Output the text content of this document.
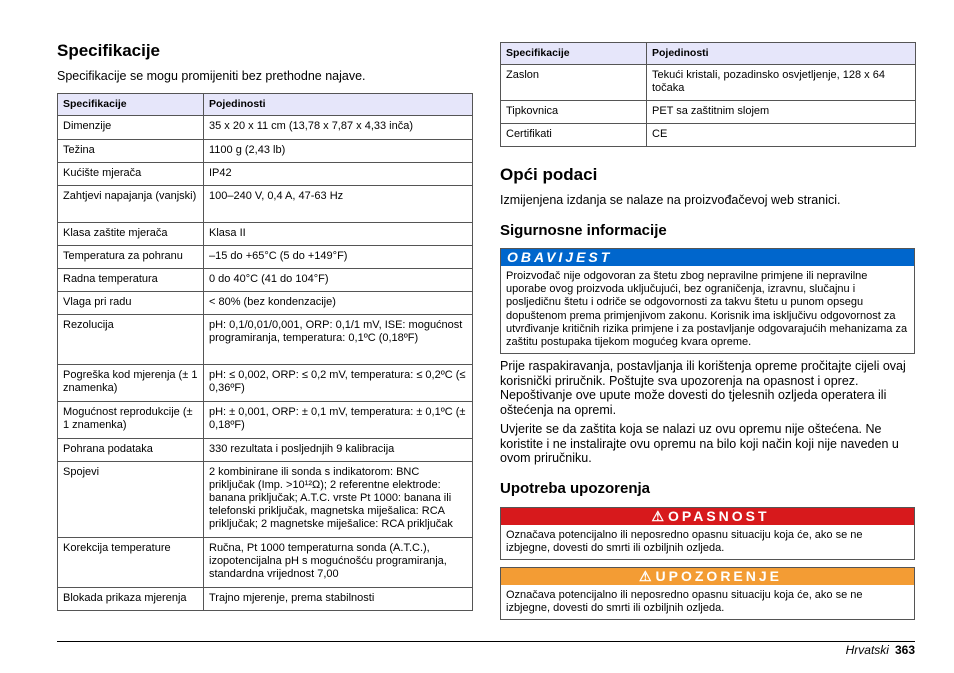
Specifikacije

Specifikacije se mogu promijeniti bez prethodne najave.

Specifikacije	Pojedinosti
Dimenzije	35 x 20 x 11 cm (13,78 x 7,87 x 4,33 inča)
Težina	1100 g (2,43 lb)
Kućište mjerača	IP42
Zahtjevi napajanja (vanjski)	100–240 V, 0,4 A, 47-63 Hz
Klasa zaštite mjerača	Klasa II
Temperatura za pohranu	–15 do +65°C (5 do +149°F)
Radna temperatura	0 do 40°C (41 do 104°F)
Vlaga pri radu	< 80% (bez kondenzacije)
Rezolucija	pH: 0,1/0,01/0,001, ORP: 0,1/1 mV, ISE: mogućnost programiranja, temperatura: 0,1ºC (0,18ºF)
Pogreška kod mjerenja (± 1 znamenka)	pH: ≤ 0,002, ORP: ≤ 0,2 mV, temperatura: ≤ 0,2ºC (≤ 0,36ºF)
Mogućnost reprodukcije (± 1 znamenka)	pH: ± 0,001, ORP: ± 0,1 mV, temperatura: ± 0,1ºC (± 0,18ºF)
Pohrana podataka	330 rezultata i posljednjih 9 kalibracija
Spojevi	2 kombinirane ili sonda s indikatorom: BNC priključak (Imp. >10¹²Ω); 2 referentne elektrode: banana priključak; A.T.C. vrste Pt 1000: banana ili telefonski priključak, magnetska miješalica: RCA priključak; 2 magnetske miješalice: RCA priključak
Korekcija temperature	Ručna, Pt 1000 temperaturna sonda (A.T.C.), izopotencijalna pH s mogućnošću programiranja, standardna vrijednost 7,00
Blokada prikaza mjerenja	Trajno mjerenje, prema stabilnosti
Specifikacije	Pojedinosti
Zaslon	Tekući kristali, pozadinsko osvjetljenje, 128 x 64 točaka
Tipkovnica	PET sa zaštitnim slojem
Certifikati	CE
Opći podaci

Izmijenjena izdanja se nalaze na proizvođačevoj web stranici.

Sigurnosne informacije
OBAVIJEST
Proizvođač nije odgovoran za štetu zbog nepravilne primjene ili nepravilne uporabe ovog proizvoda uključujući, bez ograničenja, izravnu, slučajnu i posljedičnu štetu i odriče se odgovornosti za takvu štetu u punom opsegu dopuštenom prema primjenjivom zakonu. Korisnik ima isključivu odgovornost za utvrđivanje kritičnih rizika primjene i za postavljanje odgovarajućih mehanizama za zaštitu postupaka tijekom mogućeg kvara opreme.

Prije raspakiravanja, postavljanja ili korištenja opreme pročitajte cijeli ovaj korisnički priručnik. Poštujte sva upozorenja na opasnost i oprez. Nepoštivanje ove upute može dovesti do tjelesnih ozljeda operatera ili oštećenja na opremi.

Uvjerite se da zaštita koja se nalazi uz ovu opremu nije oštećena. Ne koristite i ne instalirajte ovu opremu na bilo koji način koji nije naveden u ovom priručniku.

Upotreba upozorenja
⚠ OPASNOST
Označava potencijalno ili neposredno opasnu situaciju koja će, ako se ne izbjegne, dovesti do smrti ili ozbiljnih ozljeda.
⚠ UPOZORENJE
Označava potencijalno ili neposredno opasnu situaciju koja će, ako se ne izbjegne, dovesti do smrti ili ozbiljnih ozljeda.
Hrvatski 363
